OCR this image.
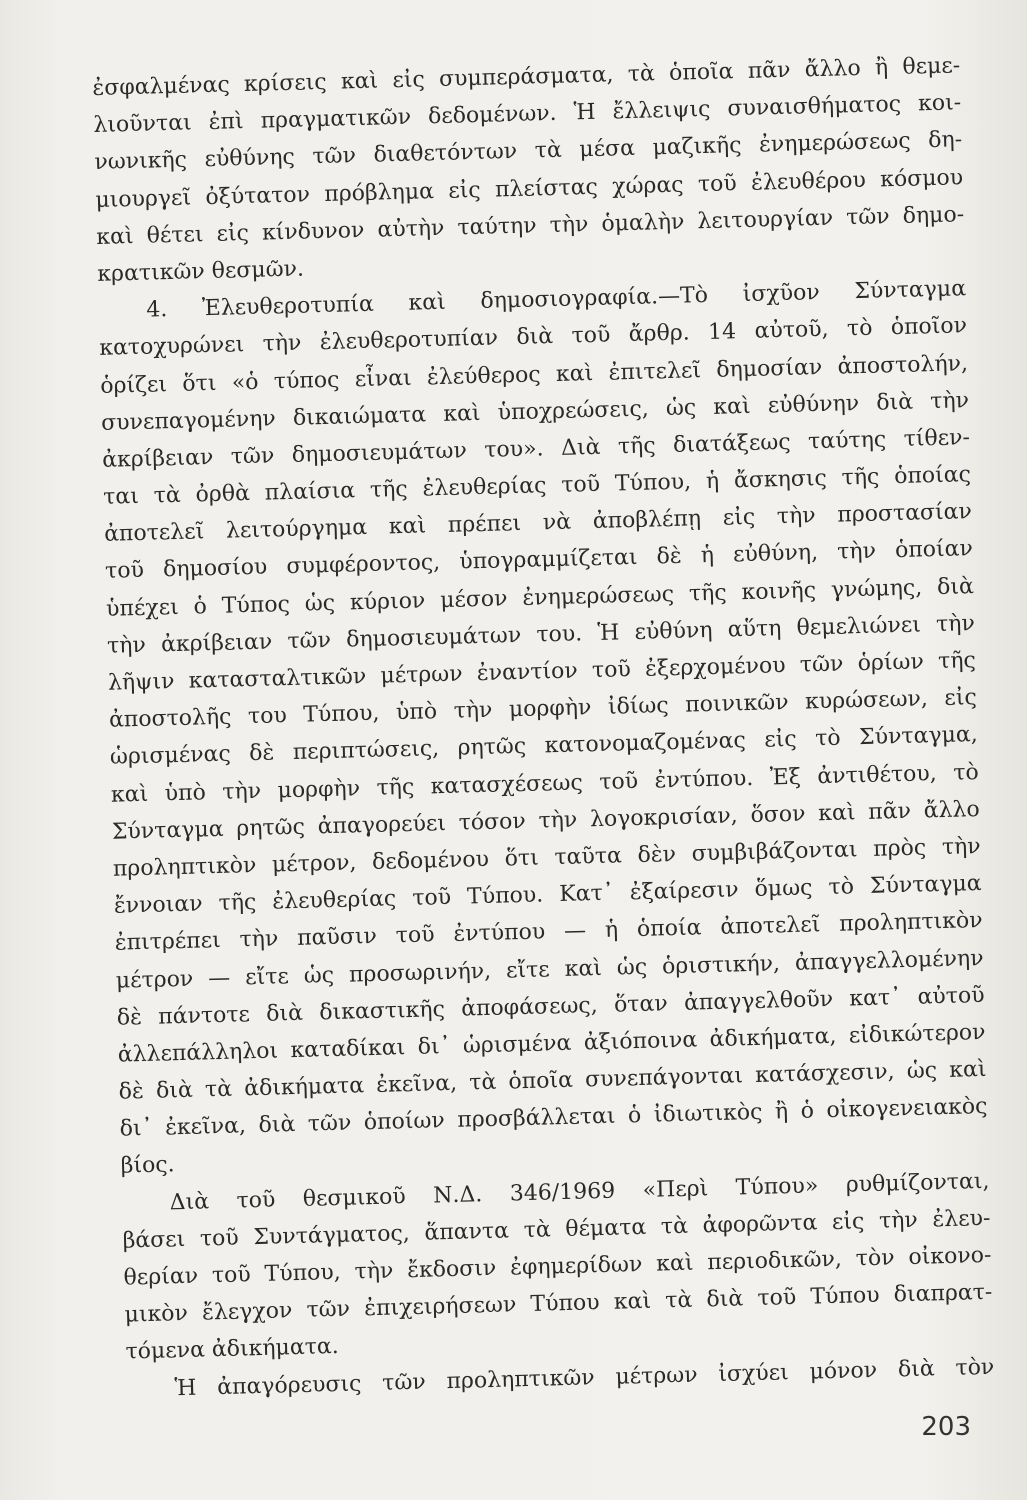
ἐσφαλμένας κρίσεις καὶ εἰς συμπεράσματα, τὰ ὁποῖα πᾶν ἄλλο ἢ θεμε-
λιοῦνται ἐπὶ πραγματικῶν δεδομένων. Ἡ ἔλλειψις συναισθήματος κοι-
νωνικῆς εὐθύνης τῶν διαθετόντων τὰ μέσα μαζικῆς ἐνημερώσεως δη-
μιουργεῖ ὀξύτατον πρόβλημα εἰς πλείστας χώρας τοῦ ἐλευθέρου κόσμου
καὶ θέτει εἰς κίνδυνον αὐτὴν ταύτην τὴν ὁμαλὴν λειτουργίαν τῶν δημο-
κρατικῶν θεσμῶν.
4. Ἐλευθεροτυπία καὶ δημοσιογραφία.—Τὸ ἰσχῦον Σύνταγμα
κατοχυρώνει τὴν ἐλευθεροτυπίαν διὰ τοῦ ἄρθρ. 14 αὐτοῦ, τὸ ὁποῖον
ὁρίζει ὅτι «ὁ τύπος εἶναι ἐλεύθερος καὶ ἐπιτελεῖ δημοσίαν ἀποστολήν,
συνεπαγομένην δικαιώματα καὶ ὑποχρεώσεις, ὡς καὶ εὐθύνην διὰ τὴν
ἀκρίβειαν τῶν δημοσιευμάτων του». Διὰ τῆς διατάξεως ταύτης τίθεν-
ται τὰ ὀρθὰ πλαίσια τῆς ἐλευθερίας τοῦ Τύπου, ἡ ἄσκησις τῆς ὁποίας
ἀποτελεῖ λειτούργημα καὶ πρέπει νὰ ἀποβλέπῃ εἰς τὴν προστασίαν
τοῦ δημοσίου συμφέροντος, ὑπογραμμίζεται δὲ ἡ εὐθύνη, τὴν ὁποίαν
ὑπέχει ὁ Τύπος ὡς κύριον μέσον ἐνημερώσεως τῆς κοινῆς γνώμης, διὰ
τὴν ἀκρίβειαν τῶν δημοσιευμάτων του. Ἡ εὐθύνη αὕτη θεμελιώνει τὴν
λῆψιν κατασταλτικῶν μέτρων ἐναντίον τοῦ ἐξερχομένου τῶν ὁρίων τῆς
ἀποστολῆς του Τύπου, ὑπὸ τὴν μορφὴν ἰδίως ποινικῶν κυρώσεων, εἰς
ὡρισμένας δὲ περιπτώσεις, ρητῶς κατονομαζομένας εἰς τὸ Σύνταγμα,
καὶ ὑπὸ τὴν μορφὴν τῆς κατασχέσεως τοῦ ἐντύπου. Ἐξ ἀντιθέτου, τὸ
Σύνταγμα ρητῶς ἀπαγορεύει τόσον τὴν λογοκρισίαν, ὅσον καὶ πᾶν ἄλλο
προληπτικὸν μέτρον, δεδομένου ὅτι ταῦτα δὲν συμβιβάζονται πρὸς τὴν
ἔννοιαν τῆς ἐλευθερίας τοῦ Τύπου. Κατ᾽ ἐξαίρεσιν ὅμως τὸ Σύνταγμα
ἐπιτρέπει τὴν παῦσιν τοῦ ἐντύπου — ἡ ὁποία ἀποτελεῖ προληπτικὸν
μέτρον — εἴτε ὡς προσωρινήν, εἴτε καὶ ὡς ὁριστικήν, ἀπαγγελλομένην
δὲ πάντοτε διὰ δικαστικῆς ἀποφάσεως, ὅταν ἀπαγγελθοῦν κατ᾽ αὐτοῦ
ἀλλεπάλληλοι καταδίκαι δι᾽ ὡρισμένα ἀξιόποινα ἀδικήματα, εἰδικώτερον
δὲ διὰ τὰ ἀδικήματα ἐκεῖνα, τὰ ὁποῖα συνεπάγονται κατάσχεσιν, ὡς καὶ
δι᾽ ἐκεῖνα, διὰ τῶν ὁποίων προσβάλλεται ὁ ἰδιωτικὸς ἢ ὁ οἰκογενειακὸς
βίος.
Διὰ τοῦ θεσμικοῦ Ν.Δ. 346/1969 «Περὶ Τύπου» ρυθμίζονται,
βάσει τοῦ Συντάγματος, ἅπαντα τὰ θέματα τὰ ἀφορῶντα εἰς τὴν ἐλευ-
θερίαν τοῦ Τύπου, τὴν ἔκδοσιν ἐφημερίδων καὶ περιοδικῶν, τὸν οἰκονο-
μικὸν ἔλεγχον τῶν ἐπιχειρήσεων Τύπου καὶ τὰ διὰ τοῦ Τύπου διαπρατ-
τόμενα ἀδικήματα.
Ἡ ἀπαγόρευσις τῶν προληπτικῶν μέτρων ἰσχύει μόνον διὰ τὸν
203
